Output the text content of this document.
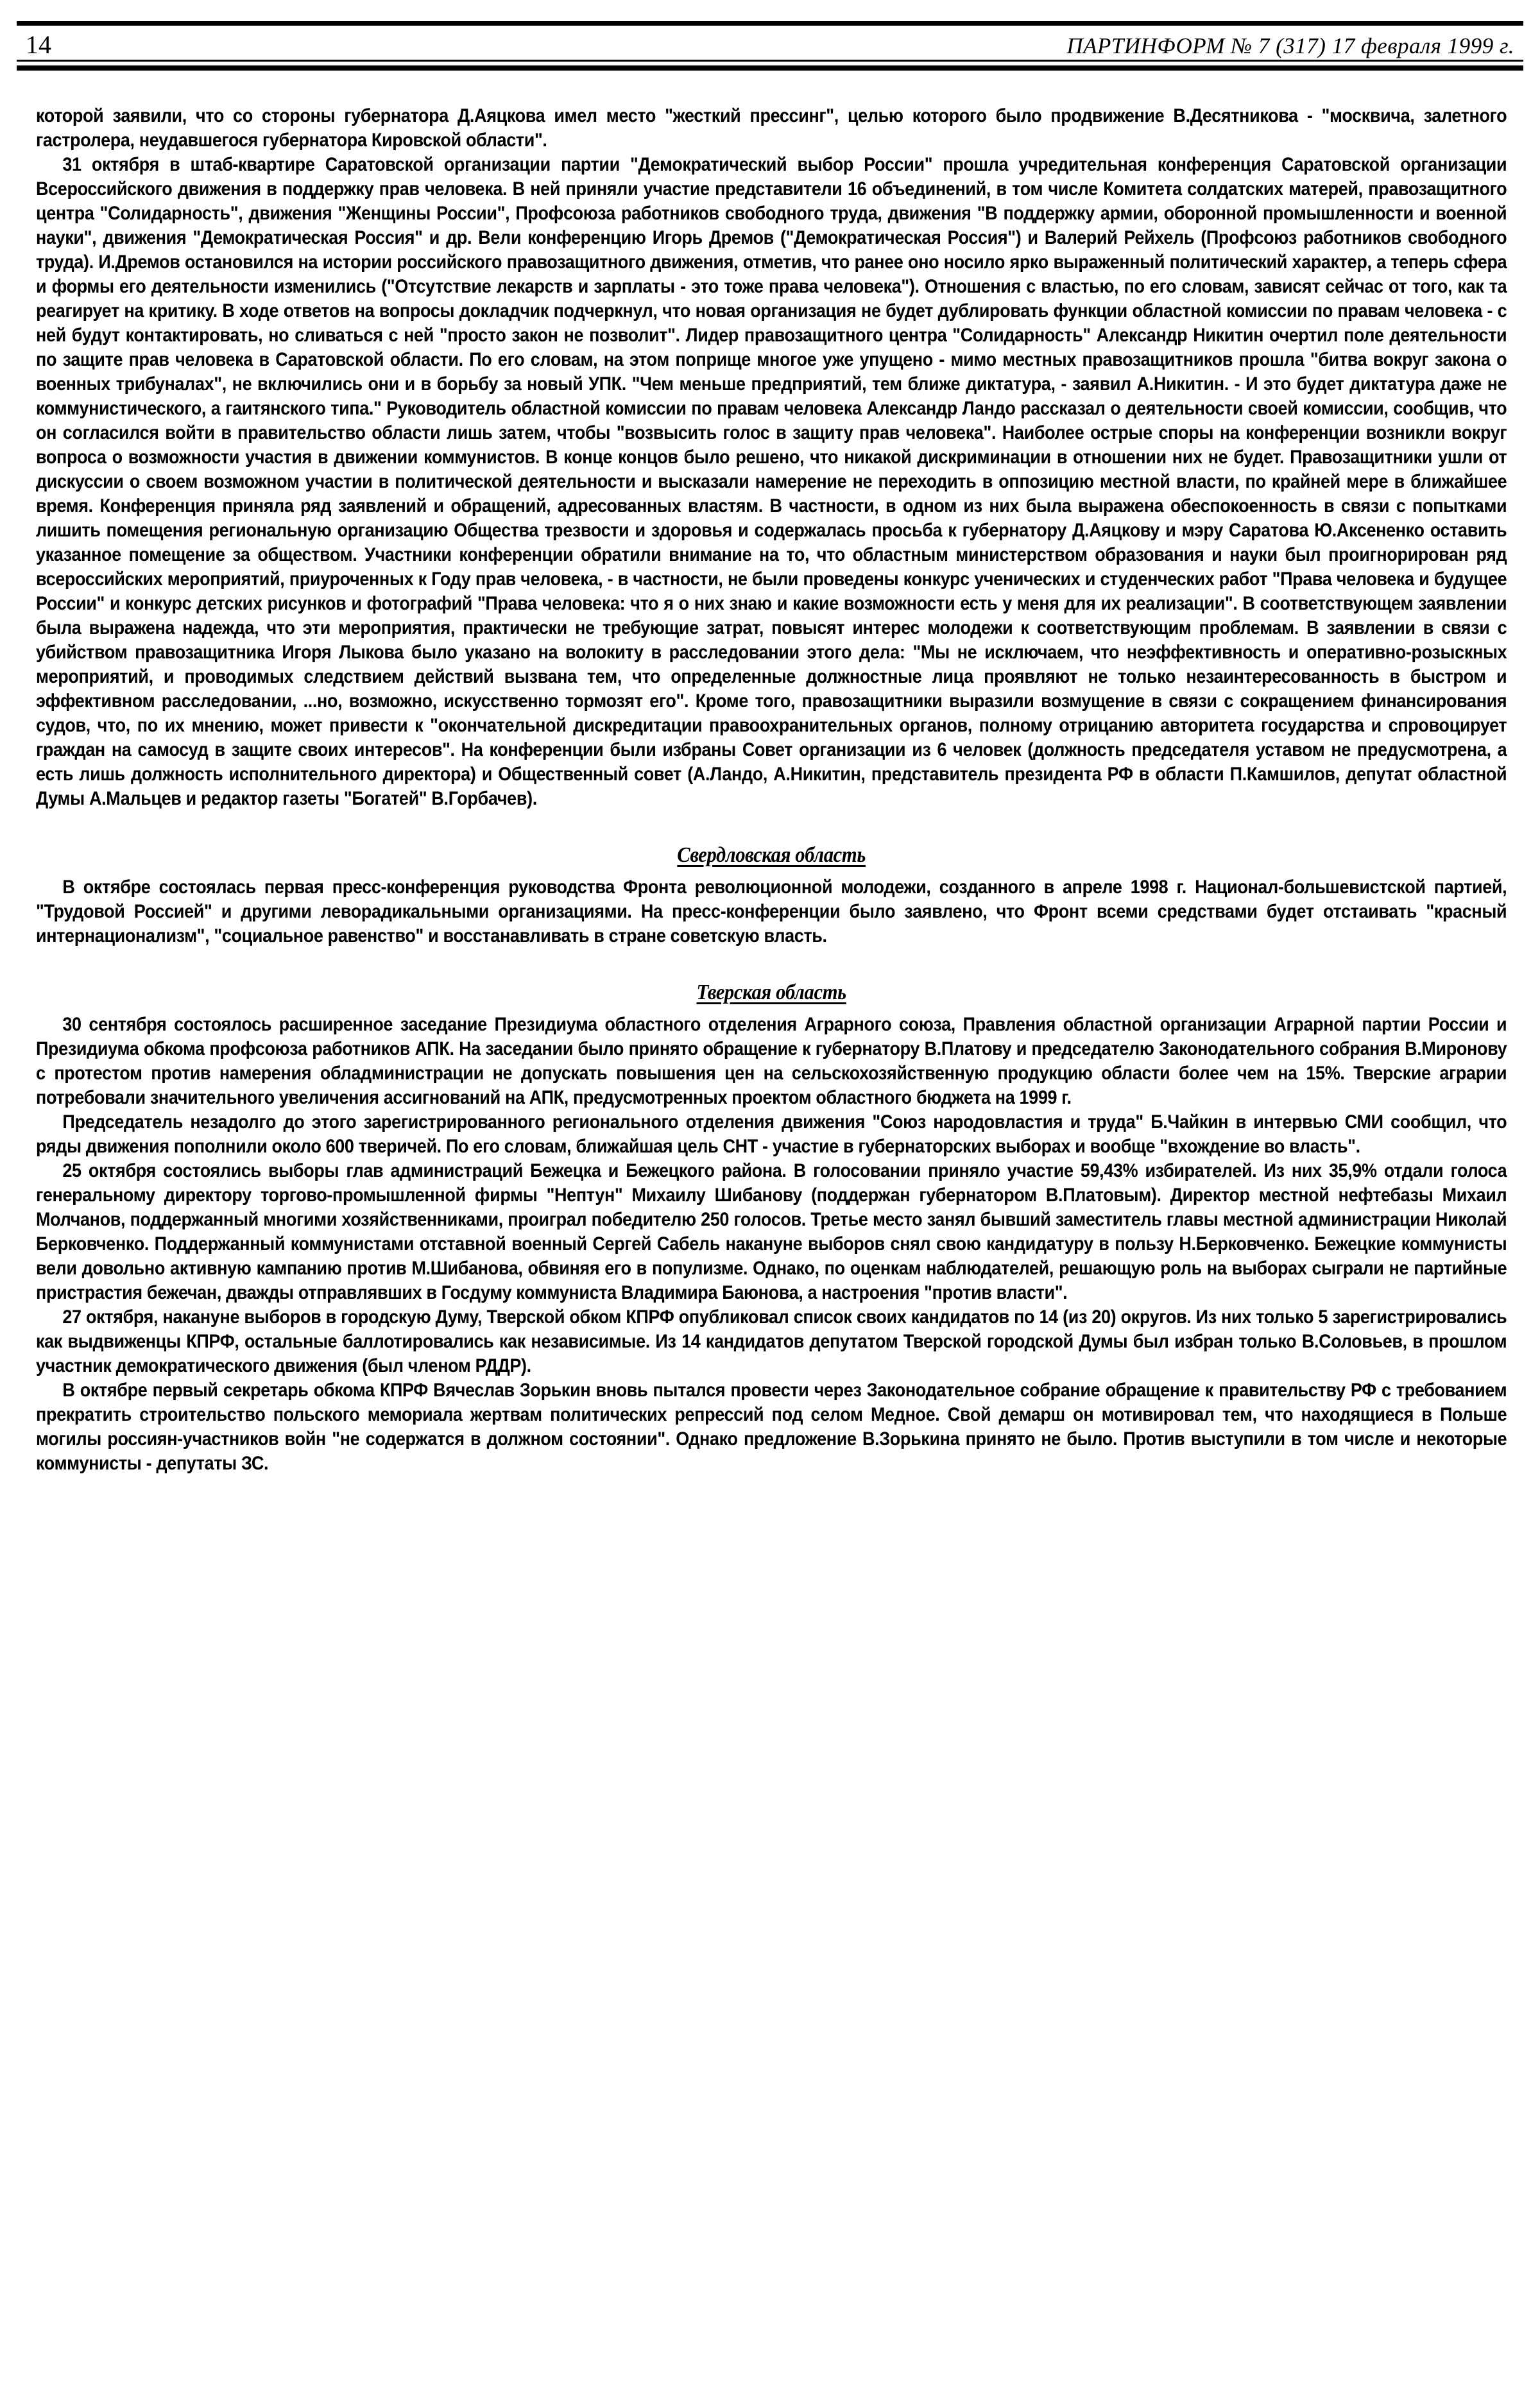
14	ПАРТИНФОРМ № 7 (317) 17 февраля 1999 г.

которой заявили, что со стороны губернатора Д.Аяцкова имел место "жесткий прессинг", целью которого было продвижение В.Десятникова - "москвича, залетного гастролера, неудавшегося губернатора Кировской области".

31 октября в штаб-квартире Саратовской организации партии "Демократический выбор России" прошла учредительная конференция Саратовской организации Всероссийского движения в поддержку прав человека. В ней приняли участие представители 16 объединений, в том числе Комитета солдатских матерей, правозащитного центра "Солидарность", движения "Женщины России", Профсоюза работников свободного труда, движения "В поддержку армии, оборонной промышленности и военной науки", движения "Демократическая Россия" и др. Вели конференцию Игорь Дремов ("Демократическая Россия") и Валерий Рейхель (Профсоюз работников свободного труда). И.Дремов остановился на истории российского правозащитного движения, отметив, что ранее оно носило ярко выраженный политический характер, а теперь сфера и формы его деятельности изменились ("Отсутствие лекарств и зарплаты - это тоже права человека"). Отношения с властью, по его словам, зависят сейчас от того, как та реагирует на критику. В ходе ответов на вопросы докладчик подчеркнул, что новая организация не будет дублировать функции областной комиссии по правам человека - с ней будут контактировать, но сливаться с ней "просто закон не позволит". Лидер правозащитного центра "Солидарность" Александр Никитин очертил поле деятельности по защите прав человека в Саратовской области. По его словам, на этом поприще многое уже упущено - мимо местных правозащитников прошла "битва вокруг закона о военных трибуналах", не включились они и в борьбу за новый УПК. "Чем меньше предприятий, тем ближе диктатура, - заявил А.Никитин. - И это будет диктатура даже не коммунистического, а гаитянского типа." Руководитель областной комиссии по правам человека Александр Ландо рассказал о деятельности своей комиссии, сообщив, что он согласился войти в правительство области лишь затем, чтобы "возвысить голос в защиту прав человека". Наиболее острые споры на конференции возникли вокруг вопроса о возможности участия в движении коммунистов. В конце концов было решено, что никакой дискриминации в отношении них не будет. Правозащитники ушли от дискуссии о своем возможном участии в политической деятельности и высказали намерение не переходить в оппозицию местной власти, по крайней мере в ближайшее время. Конференция приняла ряд заявлений и обращений, адресованных властям. В частности, в одном из них была выражена обеспокоенность в связи с попытками лишить помещения региональную организацию Общества трезвости и здоровья и содержалась просьба к губернатору Д.Аяцкову и мэру Саратова Ю.Аксененко оставить указанное помещение за обществом. Участники конференции обратили внимание на то, что областным министерством образования и науки был проигнорирован ряд всероссийских мероприятий, приуроченных к Году прав человека, - в частности, не были проведены конкурс ученических и студенческих работ "Права человека и будущее России" и конкурс детских рисунков и фотографий "Права человека: что я о них знаю и какие возможности есть у меня для их реализации". В соответствующем заявлении была выражена надежда, что эти мероприятия, практически не требующие затрат, повысят интерес молодежи к соответствующим проблемам. В заявлении в связи с убийством правозащитника Игоря Лыкова было указано на волокиту в расследовании этого дела: "Мы не исключаем, что неэффективность и оперативно-розыскных мероприятий, и проводимых следствием действий вызвана тем, что определенные должностные лица проявляют не только незаинтересованность в быстром и эффективном расследовании, ...но, возможно, искусственно тормозят его". Кроме того, правозащитники выразили возмущение в связи с сокращением финансирования судов, что, по их мнению, может привести к "окончательной дискредитации правоохранительных органов, полному отрицанию авторитета государства и спровоцирует граждан на самосуд в защите своих интересов". На конференции были избраны Совет организации из 6 человек (должность председателя уставом не предусмотрена, а есть лишь должность исполнительного директора) и Общественный совет (А.Ландо, А.Никитин, представитель президента РФ в области П.Камшилов, депутат областной Думы А.Мальцев и редактор газеты "Богатей" В.Горбачев).

Свердловская область

В октябре состоялась первая пресс-конференция руководства Фронта революционной молодежи, созданного в апреле 1998 г. Национал-большевистской партией, "Трудовой Россией" и другими леворадикальными организациями. На пресс-конференции было заявлено, что Фронт всеми средствами будет отстаивать "красный интернационализм", "социальное равенство" и восстанавливать в стране советскую власть.

Тверская область

30 сентября состоялось расширенное заседание Президиума областного отделения Аграрного союза, Правления областной организации Аграрной партии России и Президиума обкома профсоюза работников АПК. На заседании было принято обращение к губернатору В.Платову и председателю Законодательного собрания В.Миронову с протестом против намерения обладминистрации не допускать повышения цен на сельскохозяйственную продукцию области более чем на 15%. Тверские аграрии потребовали значительного увеличения ассигнований на АПК, предусмотренных проектом областного бюджета на 1999 г.

Председатель незадолго до этого зарегистрированного регионального отделения движения "Союз народовластия и труда" Б.Чайкин в интервью СМИ сообщил, что ряды движения пополнили около 600 тверичей. По его словам, ближайшая цель СНТ - участие в губернаторских выборах и вообще "вхождение во власть".

25 октября состоялись выборы глав администраций Бежецка и Бежецкого района. В голосовании приняло участие 59,43% избирателей. Из них 35,9% отдали голоса генеральному директору торгово-промышленной фирмы "Нептун" Михаилу Шибанову (поддержан губернатором В.Платовым). Директор местной нефтебазы Михаил Молчанов, поддержанный многими хозяйственниками, проиграл победителю 250 голосов. Третье место занял бывший заместитель главы местной администрации Николай Берковченко. Поддержанный коммунистами отставной военный Сергей Сабель накануне выборов снял свою кандидатуру в пользу Н.Берковченко. Бежецкие коммунисты вели довольно активную кампанию против М.Шибанова, обвиняя его в популизме. Однако, по оценкам наблюдателей, решающую роль на выборах сыграли не партийные пристрастия бежечан, дважды отправлявших в Госдуму коммуниста Владимира Баюнова, а настроения "против власти".

27 октября, накануне выборов в городскую Думу, Тверской обком КПРФ опубликовал список своих кандидатов по 14 (из 20) округов. Из них только 5 зарегистрировались как выдвиженцы КПРФ, остальные баллотировались как независимые. Из 14 кандидатов депутатом Тверской городской Думы был избран только В.Соловьев, в прошлом участник демократического движения (был членом РДДР).

В октябре первый секретарь обкома КПРФ Вячеслав Зорькин вновь пытался провести через Законодательное собрание обращение к правительству РФ с требованием прекратить строительство польского мемориала жертвам политических репрессий под селом Медное. Свой демарш он мотивировал тем, что находящиеся в Польше могилы россиян-участников войн "не содержатся в должном состоянии". Однако предложение В.Зорькина принято не было. Против выступили в том числе и некоторые коммунисты - депутаты ЗС.
